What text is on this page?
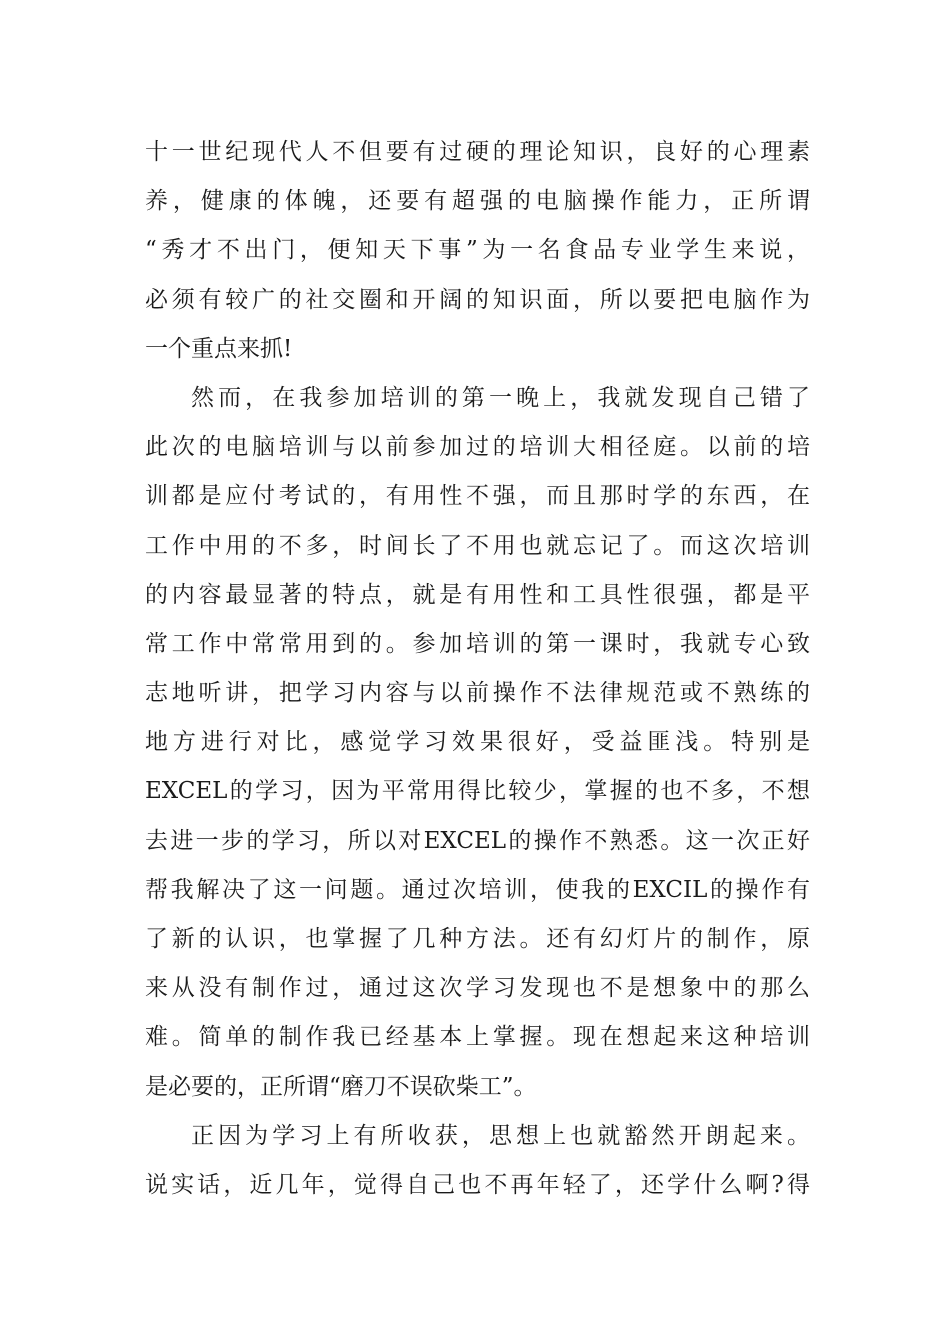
十一世纪现代人不但要有过硬的理论知识，良好的心理素
养，健康的体魄，还要有超强的电脑操作能力，正所谓
“秀才不出门，便知天下事”为一名食品专业学生来说，
必须有较广的社交圈和开阔的知识面，所以要把电脑作为
一个重点来抓!
然而，在我参加培训的第一晚上，我就发现自己错了
此次的电脑培训与以前参加过的培训大相径庭。以前的培
训都是应付考试的，有用性不强，而且那时学的东西，在
工作中用的不多，时间长了不用也就忘记了。而这次培训
的内容最显著的特点，就是有用性和工具性很强，都是平
常工作中常常用到的。参加培训的第一课时，我就专心致
志地听讲，把学习内容与以前操作不法律规范或不熟练的
地方进行对比，感觉学习效果很好，受益匪浅。特别是
EXCEL的学习，因为平常用得比较少，掌握的也不多，不想
去进一步的学习，所以对EXCEL的操作不熟悉。这一次正好
帮我解决了这一问题。通过次培训，使我的EXCIL的操作有
了新的认识，也掌握了几种方法。还有幻灯片的制作，原
来从没有制作过，通过这次学习发现也不是想象中的那么
难。简单的制作我已经基本上掌握。现在想起来这种培训
是必要的，正所谓“磨刀不误砍柴工”。
正因为学习上有所收获，思想上也就豁然开朗起来。
说实话，近几年，觉得自己也不再年轻了，还学什么啊?得
